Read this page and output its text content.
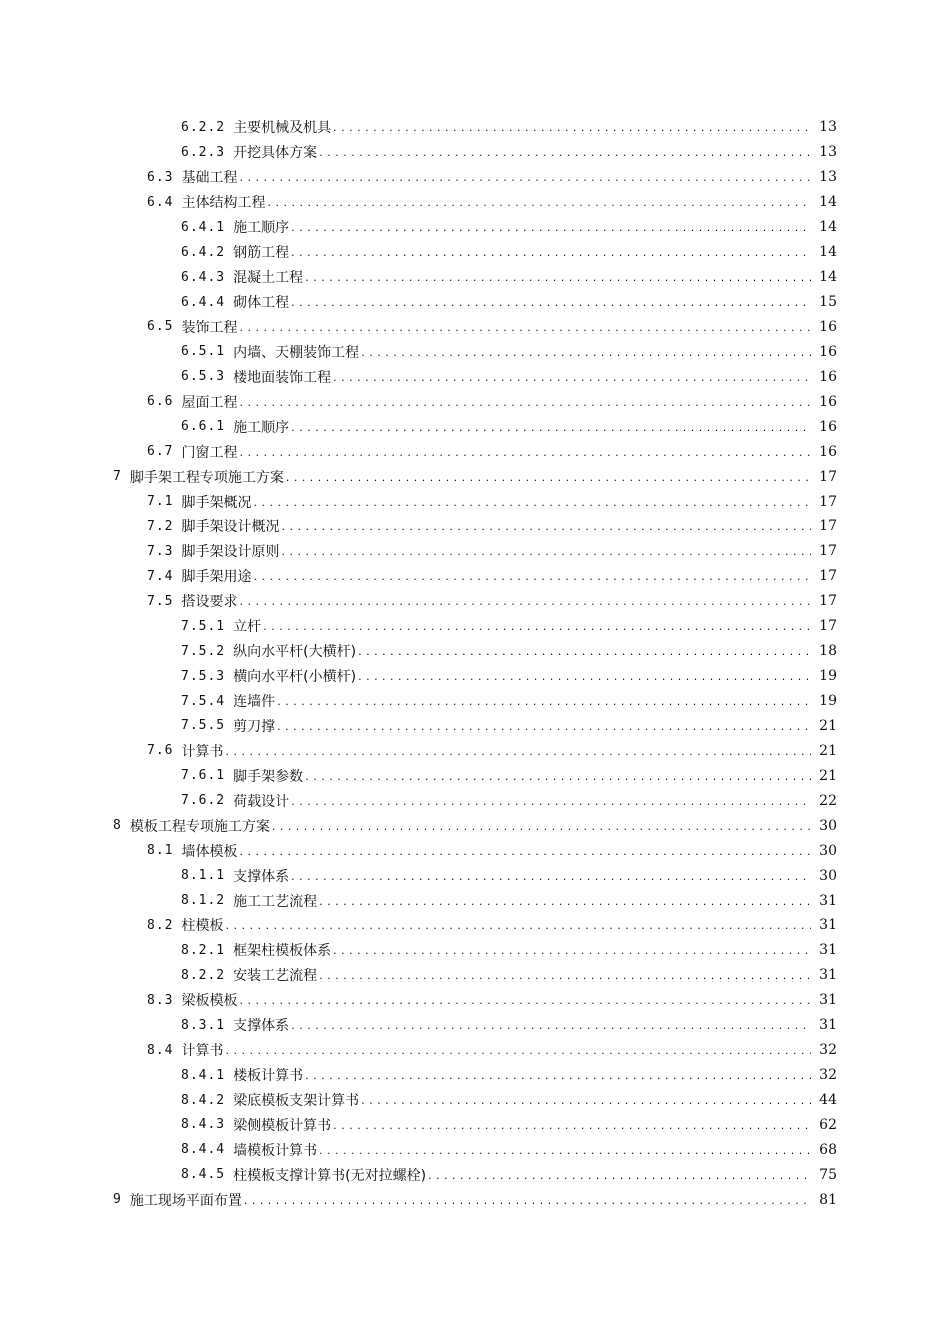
6.2.2 主要机械及机具 . . .	13
6.2.3 开挖具体方案 . . .	13
6.3 基础工程 . . .	13
6.4 主体结构工程 . . .	14
6.4.1 施工顺序 . . .	14
6.4.2 钢筋工程 . . .	14
6.4.3 混凝土工程 . . .	14
6.4.4 砌体工程 . . .	15
6.5 装饰工程 . . .	16
6.5.1 内墙、天棚装饰工程 . . .	16
6.5.3 楼地面装饰工程 . . .	16
6.6 屋面工程 . . .	16
6.6.1 施工顺序 . . .	16
6.7 门窗工程 . . .	16
7 脚手架工程专项施工方案 . . .	17
7.1 脚手架概况 . . .	17
7.2 脚手架设计概况 . . .	17
7.3 脚手架设计原则 . . .	17
7.4 脚手架用途 . . .	17
7.5 搭设要求 . . .	17
7.5.1 立杆 . . .	17
7.5.2 纵向水平杆(大横杆) . . .	18
7.5.3 横向水平杆(小横杆) . . .	19
7.5.4 连墙件 . . .	19
7.5.5 剪刀撑 . . .	21
7.6 计算书 . . .	21
7.6.1 脚手架参数 . . .	21
7.6.2 荷载设计 . . .	22
8 模板工程专项施工方案 . . .	30
8.1 墙体模板 . . .	30
8.1.1 支撑体系 . . .	30
8.1.2 施工工艺流程 . . .	31
8.2 柱模板 . . .	31
8.2.1 框架柱模板体系 . . .	31
8.2.2 安装工艺流程 . . .	31
8.3 梁板模板 . . .	31
8.3.1 支撑体系 . . .	31
8.4 计算书 . . .	32
8.4.1 楼板计算书 . . .	32
8.4.2 梁底模板支架计算书 . . .	44
8.4.3 梁侧模板计算书 . . .	62
8.4.4 墙模板计算书 . . .	68
8.4.5 柱模板支撑计算书(无对拉螺栓) . . .	75
9 施工现场平面布置 . . .	81
